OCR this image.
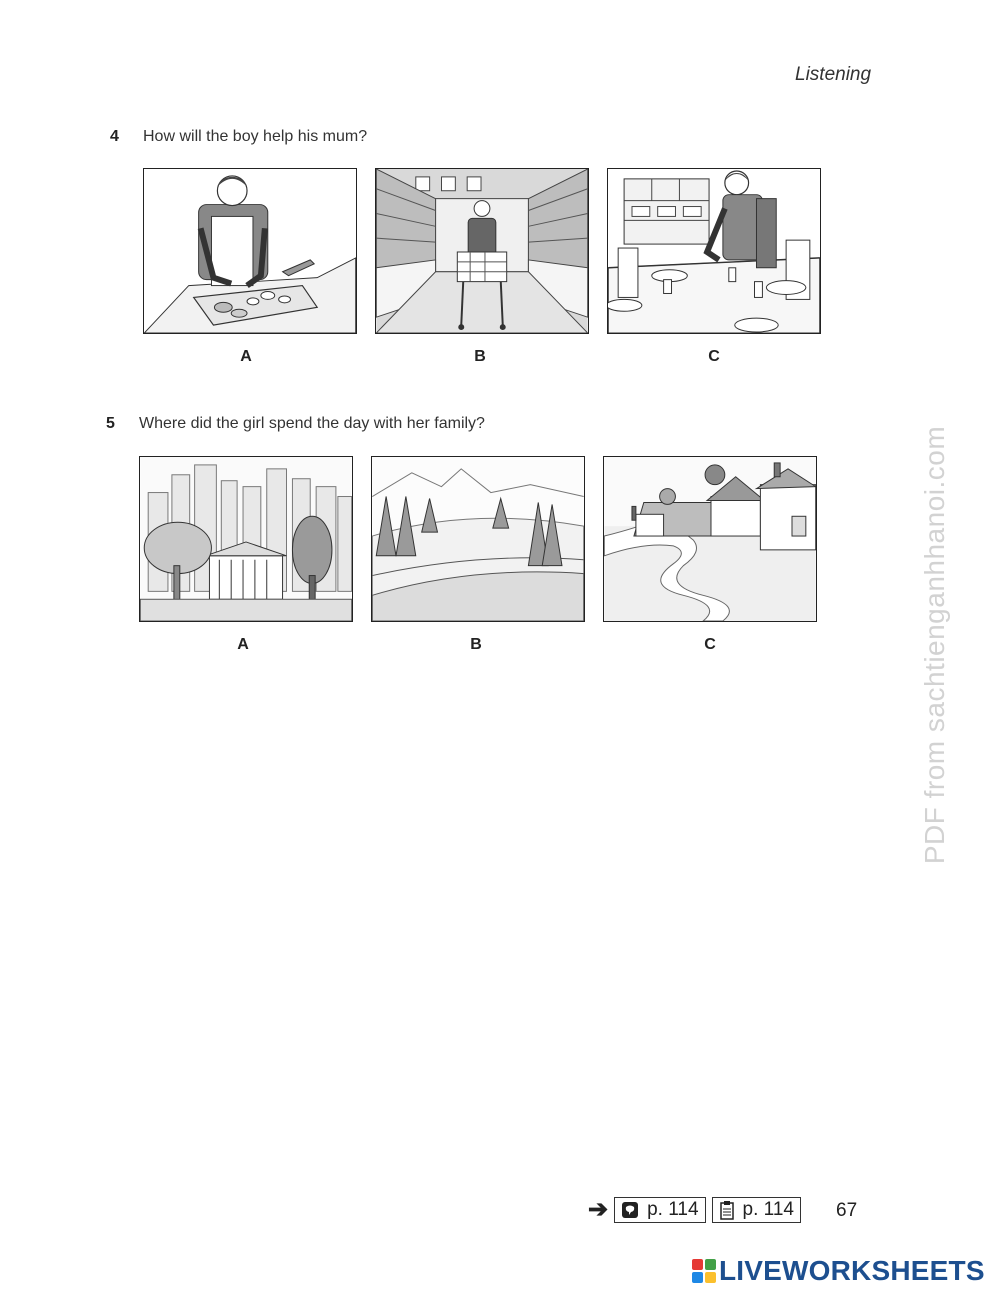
Listening
4 How will the boy help his mum?
A	B	C
5 Where did the girl spend the day with her family?
A	B	C	PDF from sachtienganhhanoi.com
➔ p. 114 p. 114 67
LIVEWORKSHEETS
